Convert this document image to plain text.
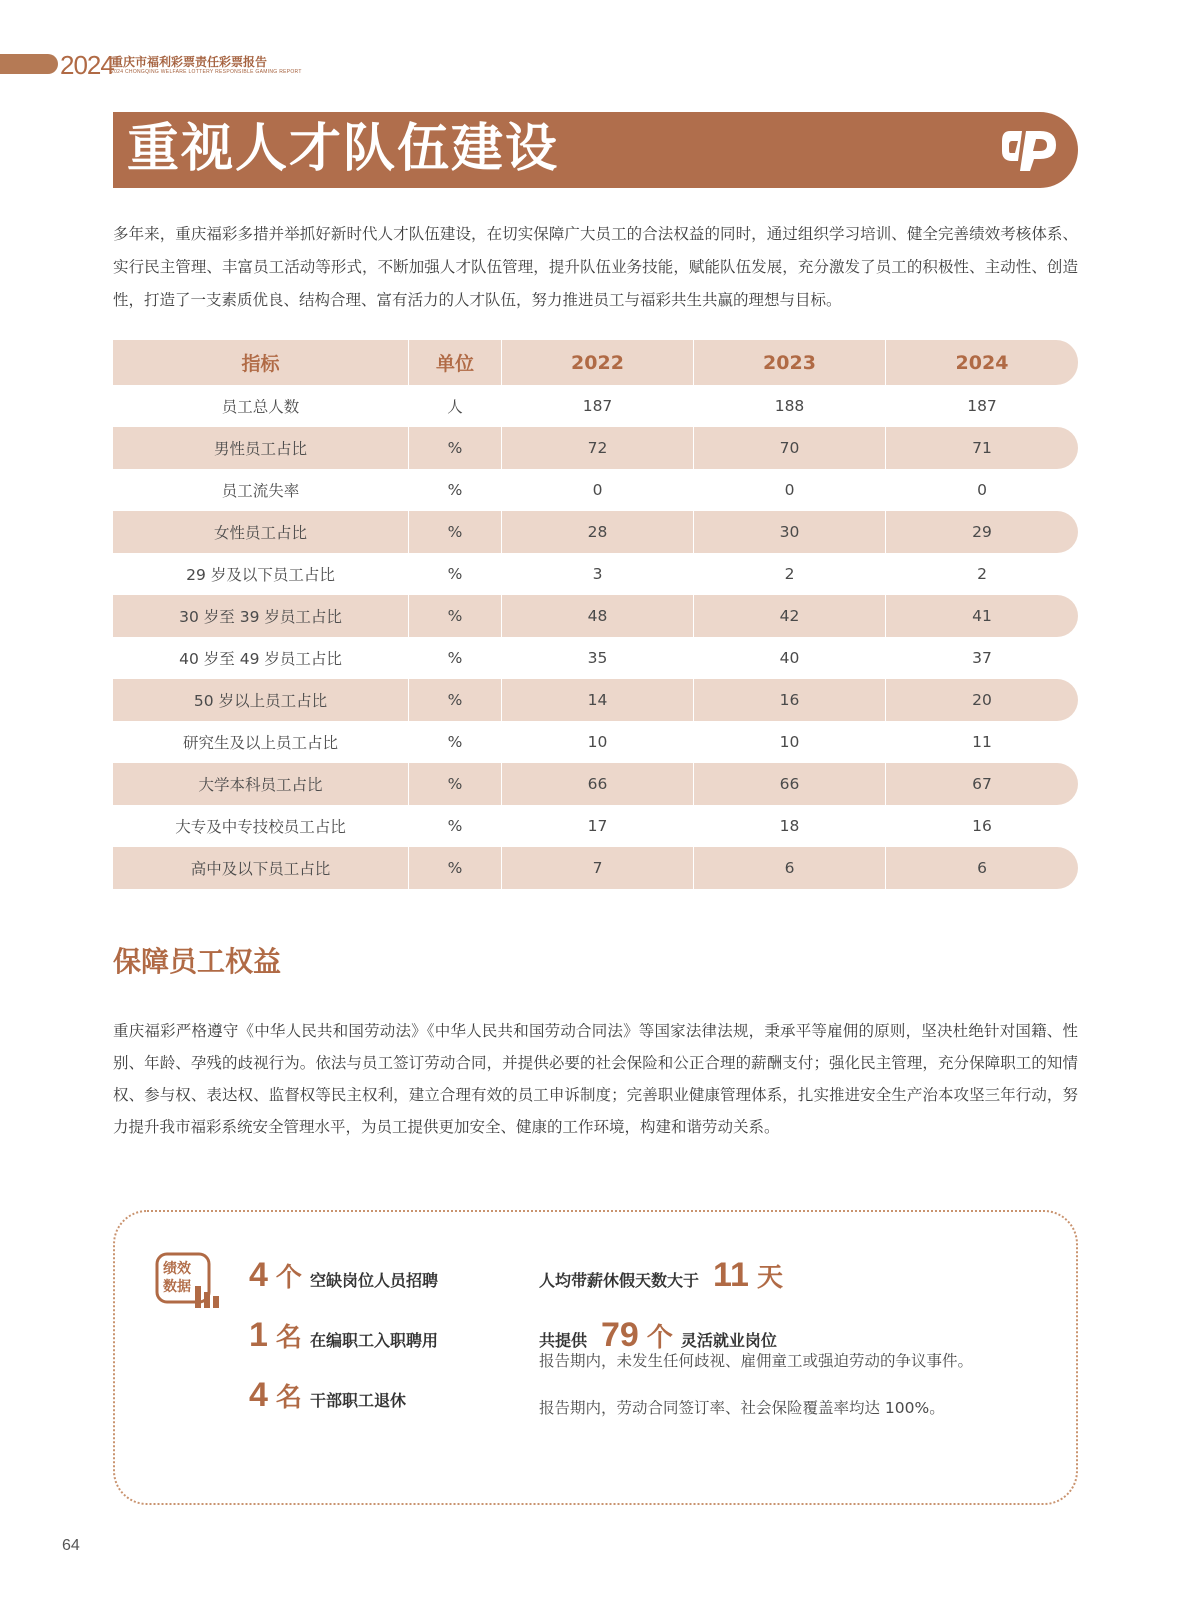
2024
重庆市福利彩票责任彩票报告
2024 CHONGQING WELFARE LOTTERY RESPONSIBLE GAMING REPORT
重视人才队伍建设

多年来，重庆福彩多措并举抓好新时代人才队伍建设，在切实保障广大员工的合法权益的同时，通过组织学习培训、健全完善绩效考核体系、实行民主管理、丰富员工活动等形式，不断加强人才队伍管理，提升队伍业务技能，赋能队伍发展，充分激发了员工的积极性、主动性、创造性，打造了一支素质优良、结构合理、富有活力的人才队伍，努力推进员工与福彩共生共赢的理想与目标。

指标	单位	2022	2023	2024
员工总人数	人	187	188	187
男性员工占比	%	72	70	71
员工流失率	%	0	0	0
女性员工占比	%	28	30	29
29 岁及以下员工占比	%	3	2	2
30 岁至 39 岁员工占比	%	48	42	41
40 岁至 49 岁员工占比	%	35	40	37
50 岁以上员工占比	%	14	16	20
研究生及以上员工占比	%	10	10	11
大学本科员工占比	%	66	66	67
大专及中专技校员工占比	%	17	18	16
高中及以下员工占比	%	7	6	6
保障员工权益

重庆福彩严格遵守《中华人民共和国劳动法》《中华人民共和国劳动合同法》等国家法律法规，秉承平等雇佣的原则，坚决杜绝针对国籍、性别、年龄、孕残的歧视行为。依法与员工签订劳动合同，并提供必要的社会保险和公正合理的薪酬支付；强化民主管理，充分保障职工的知情权、参与权、表达权、监督权等民主权利，建立合理有效的员工申诉制度；完善职业健康管理体系，扎实推进安全生产治本攻坚三年行动，努力提升我市福彩系统安全管理水平，为员工提供更加安全、健康的工作环境，构建和谐劳动关系。

绩效
数据 4 个 空缺岗位人员招聘
1 名 在编职工入职聘用
4 名 干部职工退休
人均带薪休假天数大于 11 天
共提供 79 个 灵活就业岗位
报告期内，未发生任何歧视、雇佣童工或强迫劳动的争议事件。
报告期内，劳动合同签订率、社会保险覆盖率均达 100%。
64
